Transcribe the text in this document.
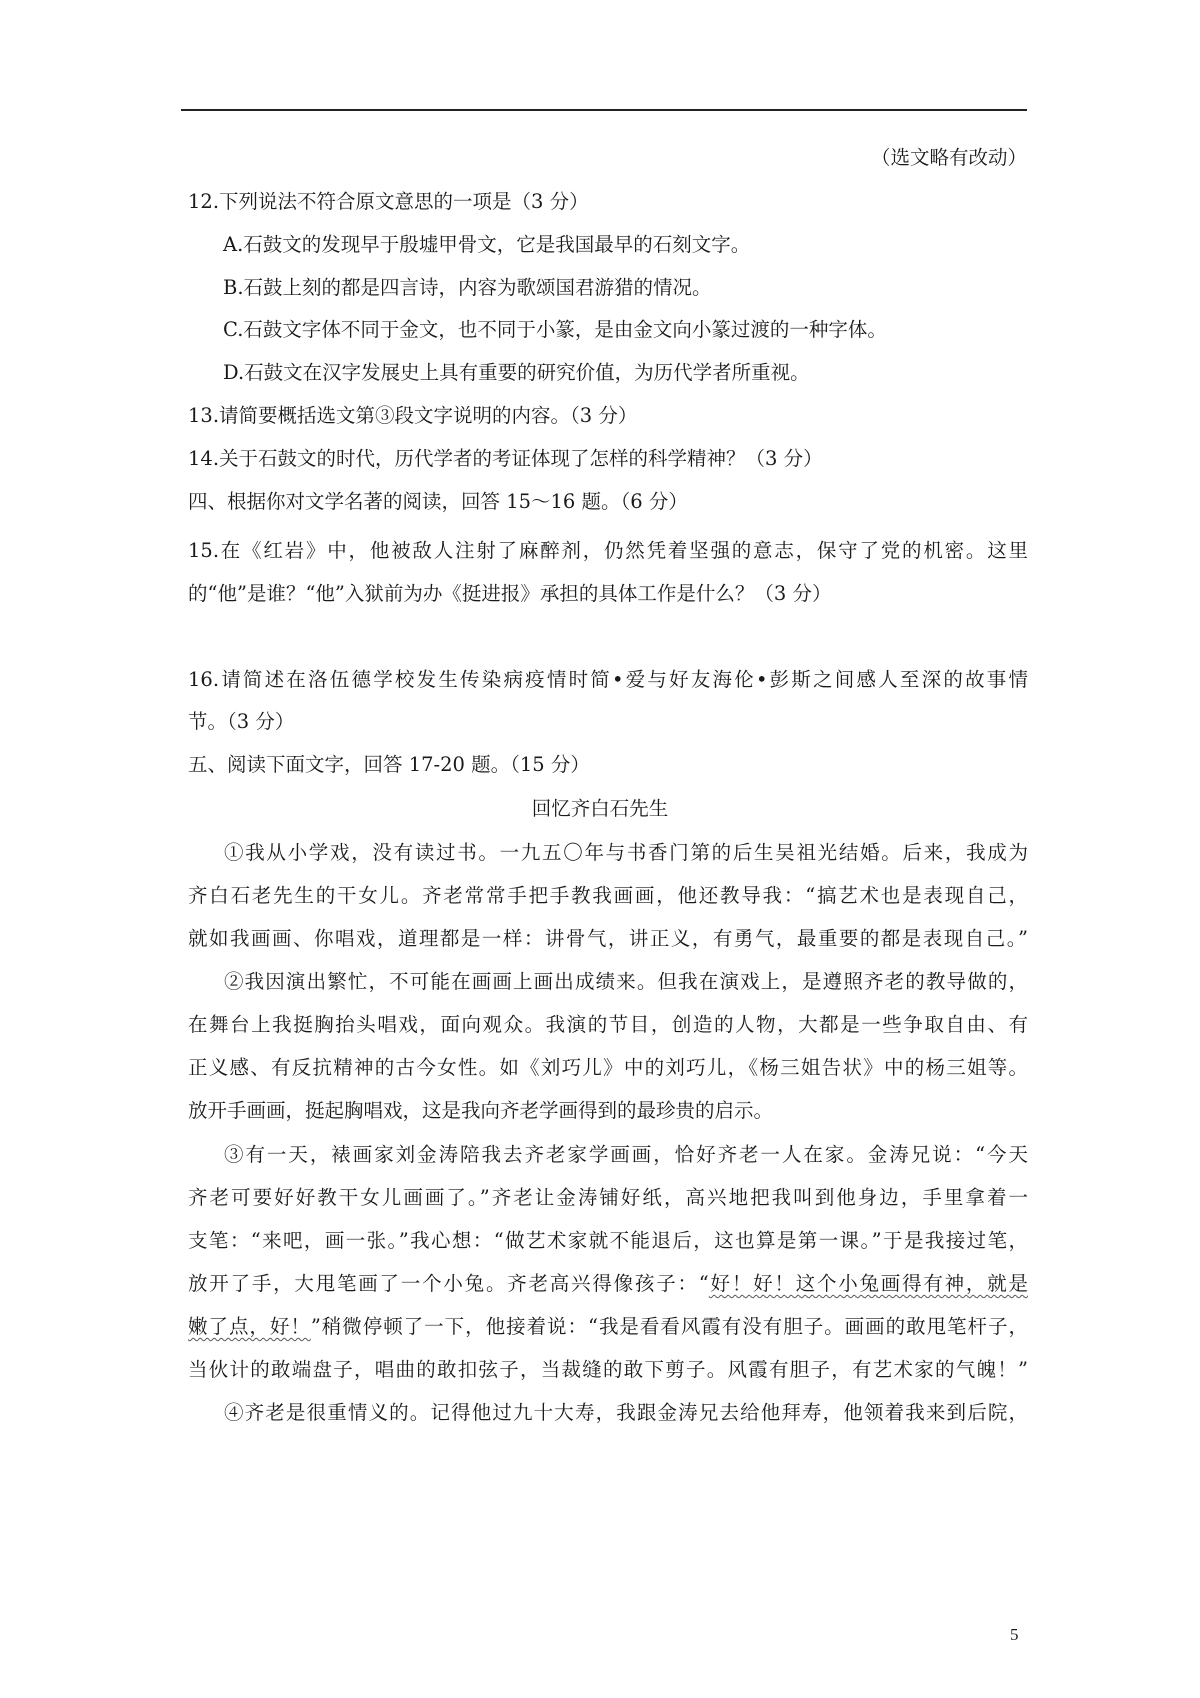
（选文略有改动）
12.下列说法不符合原文意思的一项是（3 分）
A.石鼓文的发现早于殷墟甲骨文，它是我国最早的石刻文字。
B.石鼓上刻的都是四言诗，内容为歌颂国君游猎的情况。
C.石鼓文字体不同于金文，也不同于小篆，是由金文向小篆过渡的一种字体。
D.石鼓文在汉字发展史上具有重要的研究价值，为历代学者所重视。
13.请简要概括选文第③段文字说明的内容。（3 分）
14.关于石鼓文的时代，历代学者的考证体现了怎样的科学精神？（3 分）
四、根据你对文学名著的阅读，回答 15～16 题。（6 分）
15.在《红岩》中，他被敌人注射了麻醉剂，仍然凭着坚强的意志，保守了党的机密。这里
的“他”是谁？“他”入狱前为办《挺进报》承担的具体工作是什么？（3 分）
16.请简述在洛伍德学校发生传染病疫情时简•爱与好友海伦•彭斯之间感人至深的故事情
节。（3 分）
五、阅读下面文字，回答 17-20 题。（15 分）
回忆齐白石先生
①我从小学戏，没有读过书。一九五〇年与书香门第的后生吴祖光结婚。后来，我成为
齐白石老先生的干女儿。齐老常常手把手教我画画，他还教导我：“搞艺术也是表现自己，
就如我画画、你唱戏，道理都是一样：讲骨气，讲正义，有勇气，最重要的都是表现自己。”
②我因演出繁忙，不可能在画画上画出成绩来。但我在演戏上，是遵照齐老的教导做的，
在舞台上我挺胸抬头唱戏，面向观众。我演的节目，创造的人物，大都是一些争取自由、有
正义感、有反抗精神的古今女性。如《刘巧儿》中的刘巧儿，《杨三姐告状》中的杨三姐等。
放开手画画，挺起胸唱戏，这是我向齐老学画得到的最珍贵的启示。
③有一天，裱画家刘金涛陪我去齐老家学画画，恰好齐老一人在家。金涛兄说：“今天
齐老可要好好教干女儿画画了。”齐老让金涛铺好纸，高兴地把我叫到他身边，手里拿着一
支笔：“来吧，画一张。”我心想：“做艺术家就不能退后，这也算是第一课。”于是我接过笔，
放开了手，大甩笔画了一个小兔。齐老高兴得像孩子：“好！好！这个小兔画得有神，就是
嫩了点，好！”稍微停顿了一下，他接着说：“我是看看风霞有没有胆子。画画的敢甩笔杆子，
当伙计的敢端盘子，唱曲的敢扣弦子，当裁缝的敢下剪子。风霞有胆子，有艺术家的气魄！”
④齐老是很重情义的。记得他过九十大寿，我跟金涛兄去给他拜寿，他领着我来到后院，
5
